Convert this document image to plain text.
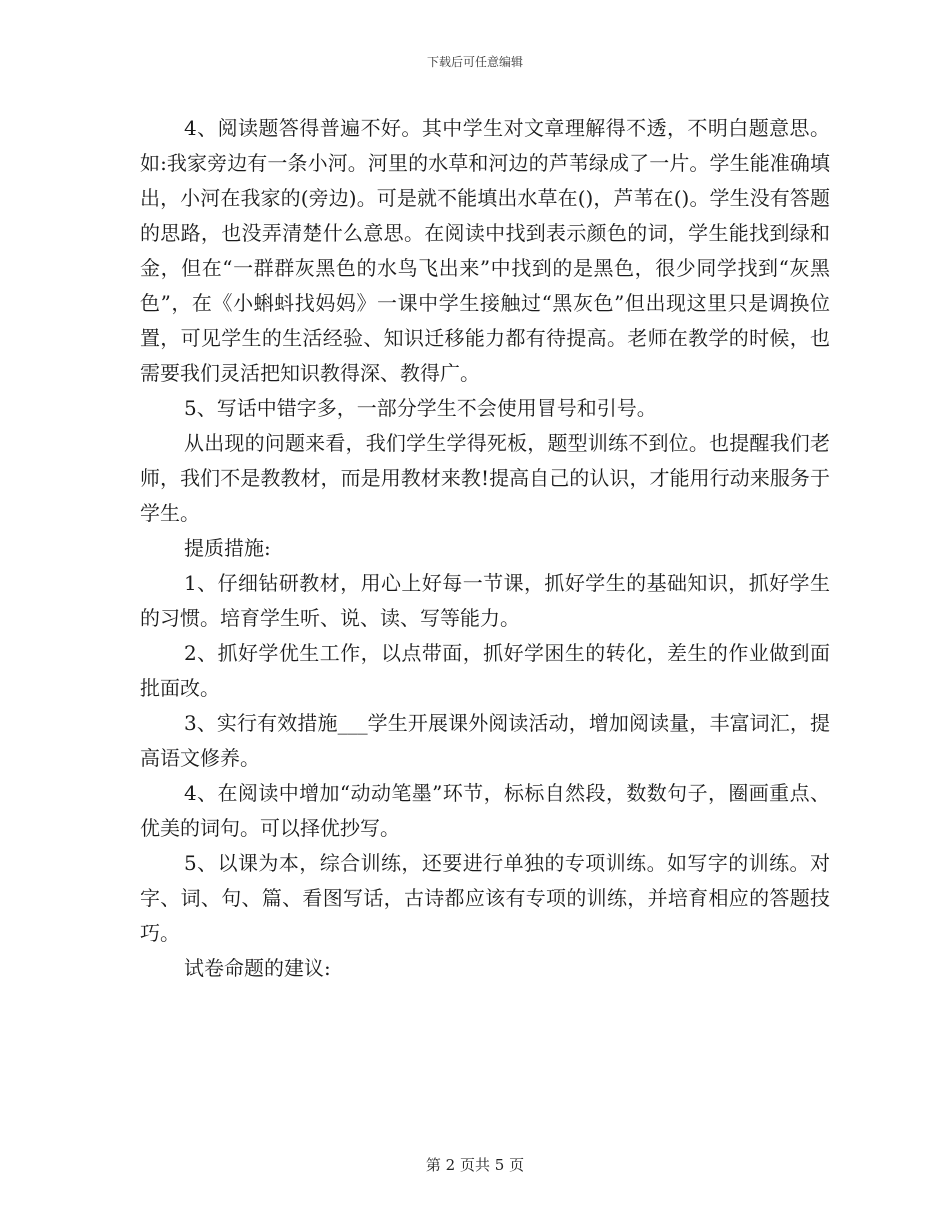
下载后可任意编辑

4、阅读题答得普遍不好。其中学生对文章理解得不透，不明白题意思。如:我家旁边有一条小河。河里的水草和河边的芦苇绿成了一片。学生能准确填出，小河在我家的(旁边)。可是就不能填出水草在()，芦苇在()。学生没有答题的思路，也没弄清楚什么意思。在阅读中找到表示颜色的词，学生能找到绿和金，但在“一群群灰黑色的水鸟飞出来”中找到的是黑色，很少同学找到“灰黑色”，在《小蝌蚪找妈妈》一课中学生接触过“黑灰色”但出现这里只是调换位置，可见学生的生活经验、知识迁移能力都有待提高。老师在教学的时候，也需要我们灵活把知识教得深、教得广。

5、写话中错字多，一部分学生不会使用冒号和引号。

从出现的问题来看，我们学生学得死板，题型训练不到位。也提醒我们老师，我们不是教教材，而是用教材来教!提高自己的认识，才能用行动来服务于学生。

提质措施:

1、仔细钻研教材，用心上好每一节课，抓好学生的基础知识，抓好学生的习惯。培育学生听、说、读、写等能力。

2、抓好学优生工作，以点带面，抓好学困生的转化，差生的作业做到面批面改。

3、实行有效措施___学生开展课外阅读活动，增加阅读量，丰富词汇，提高语文修养。

4、在阅读中增加“动动笔墨”环节，标标自然段，数数句子，圈画重点、优美的词句。可以择优抄写。

5、以课为本，综合训练，还要进行单独的专项训练。如写字的训练。对字、词、句、篇、看图写话，古诗都应该有专项的训练，并培育相应的答题技巧。

试卷命题的建议:

第 2 页共 5 页
